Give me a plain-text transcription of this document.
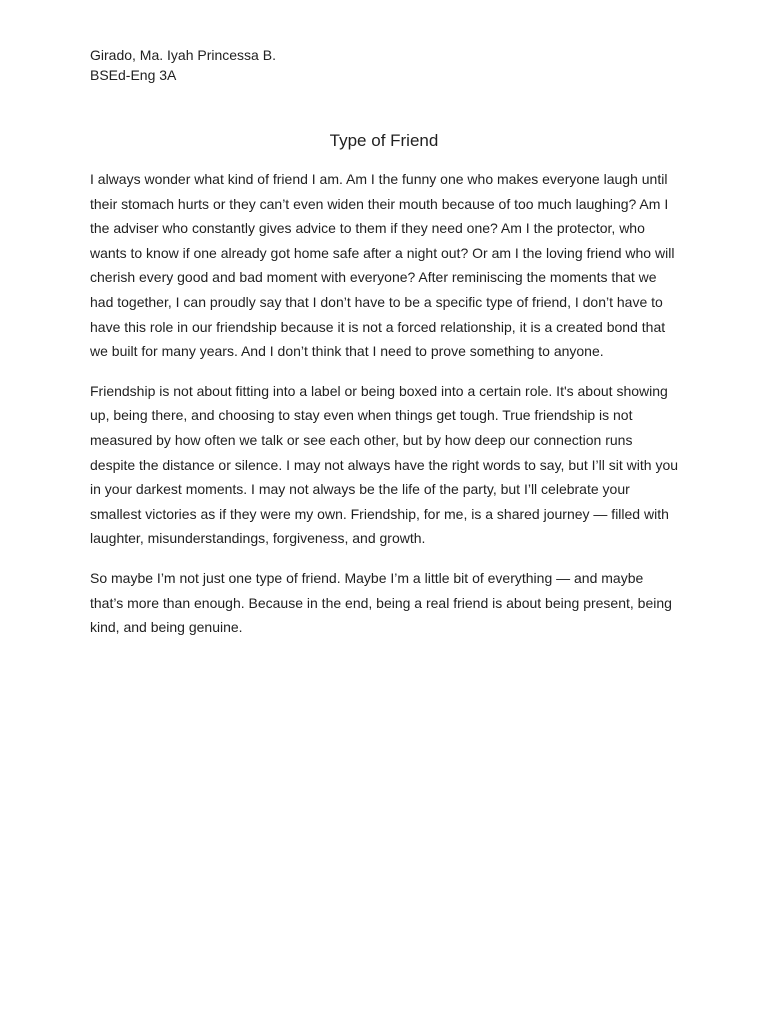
Girado, Ma. Iyah Princessa B.
BSEd-Eng 3A
Type of Friend

I always wonder what kind of friend I am. Am I the funny one who makes everyone laugh until their stomach hurts or they can’t even widen their mouth because of too much laughing? Am I the adviser who constantly gives advice to them if they need one? Am I the protector, who wants to know if one already got home safe after a night out? Or am I the loving friend who will cherish every good and bad moment with everyone? After reminiscing the moments that we had together, I can proudly say that I don’t have to be a specific type of friend, I don’t have to have this role in our friendship because it is not a forced relationship, it is a created bond that we built for many years. And I don’t think that I need to prove something to anyone.

Friendship is not about fitting into a label or being boxed into a certain role. It's about showing up, being there, and choosing to stay even when things get tough. True friendship is not measured by how often we talk or see each other, but by how deep our connection runs despite the distance or silence. I may not always have the right words to say, but I’ll sit with you in your darkest moments. I may not always be the life of the party, but I’ll celebrate your smallest victories as if they were my own. Friendship, for me, is a shared journey — filled with laughter, misunderstandings, forgiveness, and growth.

So maybe I’m not just one type of friend. Maybe I’m a little bit of everything — and maybe that’s more than enough. Because in the end, being a real friend is about being present, being kind, and being genuine.
